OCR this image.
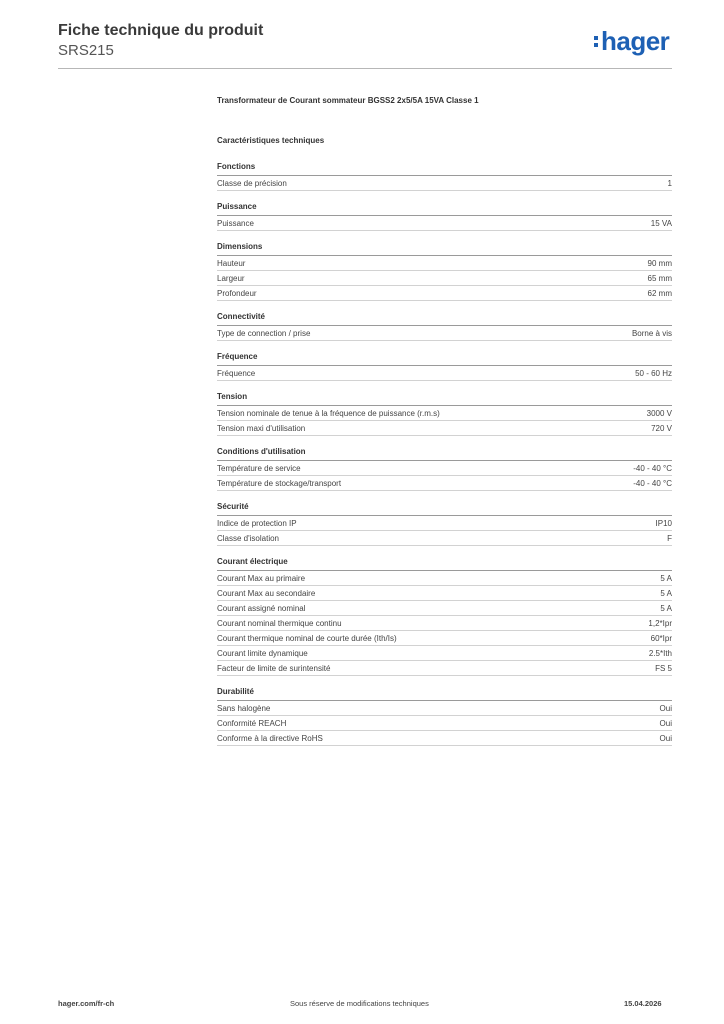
Fiche technique du produit
SRS215	hager
Transformateur de Courant sommateur BGSS2 2x5/5A 15VA Classe 1
Caractéristiques techniques
Fonctions
Classe de précision	1
Puissance
Puissance	15 VA
Dimensions
Hauteur	90 mm
Largeur	65 mm
Profondeur	62 mm
Connectivité
Type de connection / prise	Borne à vis
Fréquence
Fréquence	50 - 60 Hz
Tension
Tension nominale de tenue à la fréquence de puissance (r.m.s)	3000 V
Tension maxi d'utilisation	720 V
Conditions d'utilisation
Température de service	-40 - 40 °C
Température de stockage/transport	-40 - 40 °C
Sécurité
Indice de protection IP	IP10
Classe d'isolation	F
Courant électrique
Courant Max au primaire	5 A
Courant Max au secondaire	5 A
Courant assigné nominal	5 A
Courant nominal thermique continu	1,2*Ipr
Courant thermique nominal de courte durée (Ith/Is)	60*Ipr
Courant limite dynamique	2.5*Ith
Facteur de limite de surintensité	FS 5
Durabilité
Sans halogène	Oui
Conformité REACH	Oui
Conforme à la directive RoHS	Oui
hager.com/fr-ch	Sous réserve de modifications techniques	15.04.2026
